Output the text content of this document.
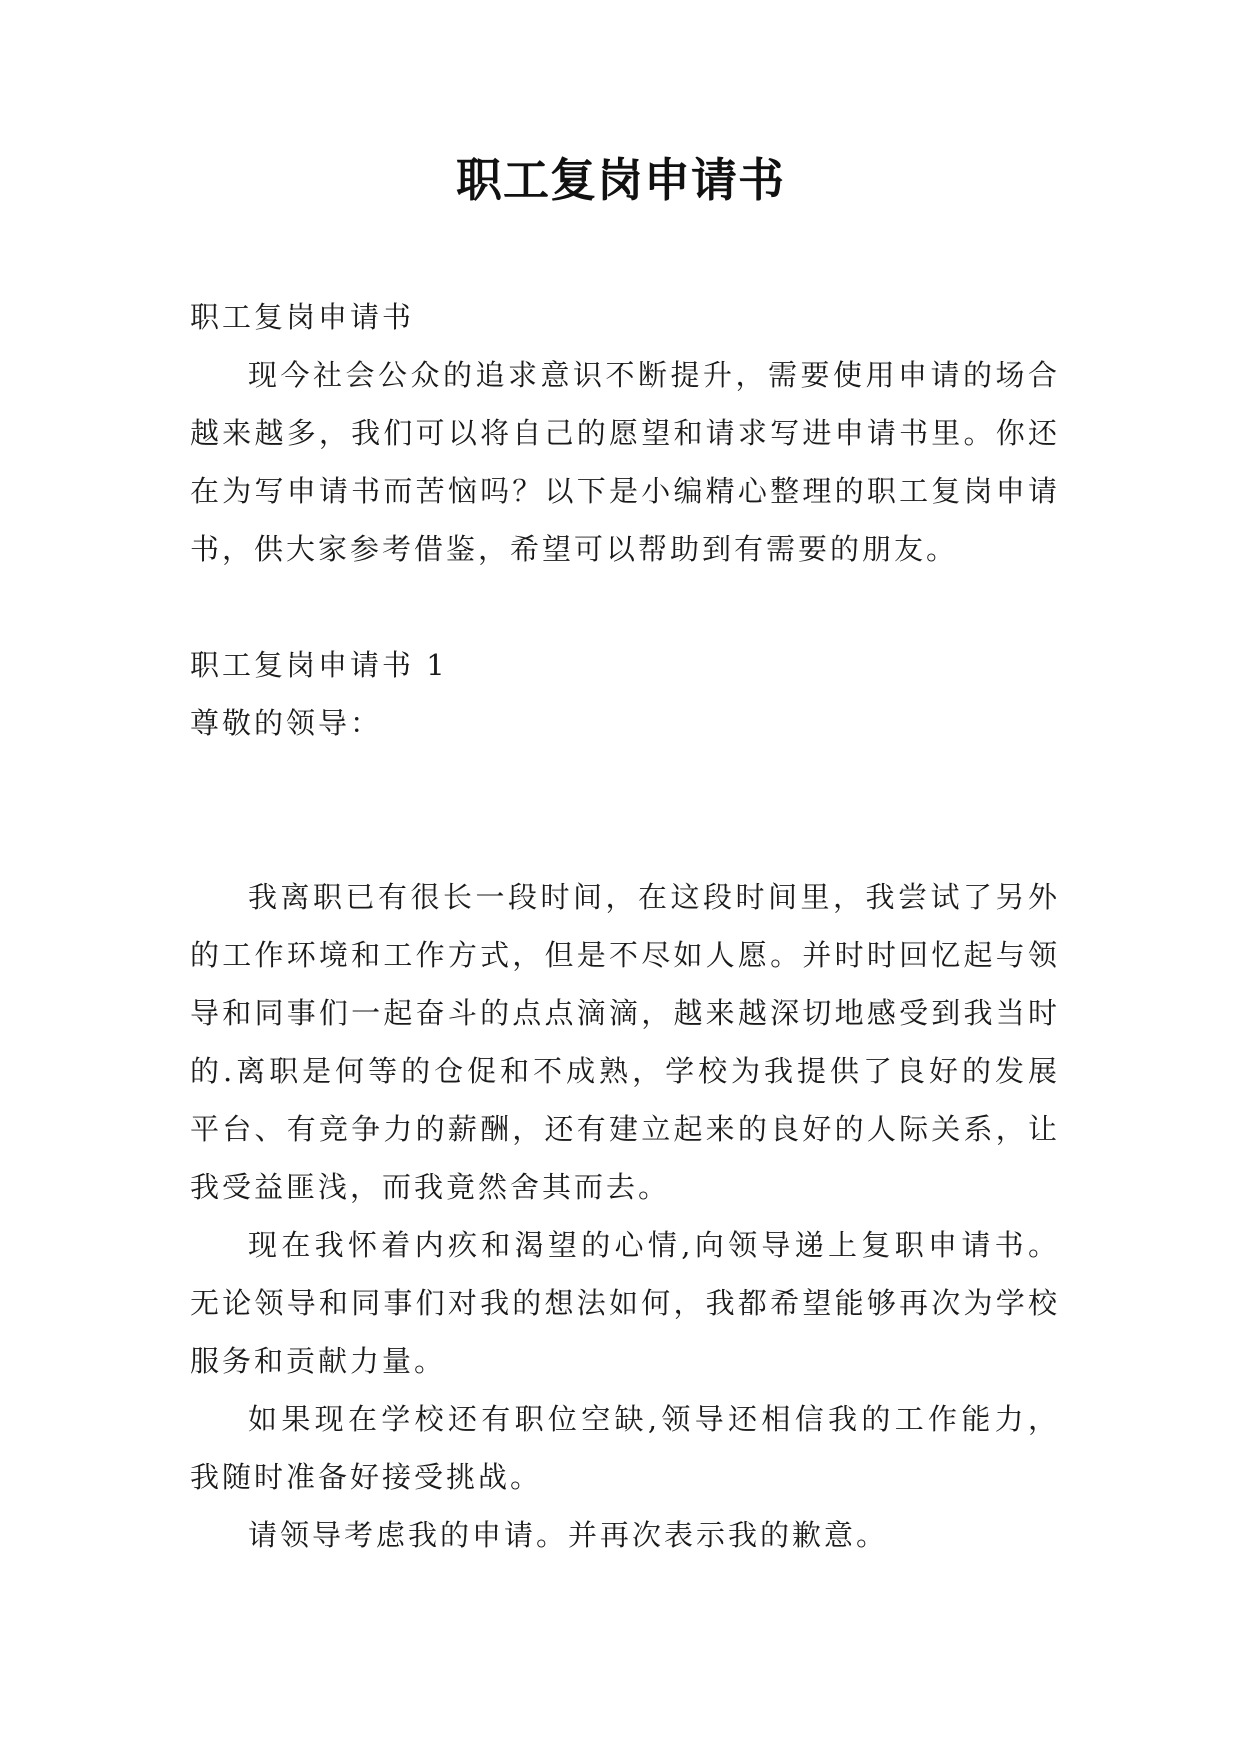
职工复岗申请书

职工复岗申请书

现今社会公众的追求意识不断提升，需要使用申请的场合越来越多，我们可以将自己的愿望和请求写进申请书里。你还在为写申请书而苦恼吗？以下是小编精心整理的职工复岗申请书，供大家参考借鉴，希望可以帮助到有需要的朋友。

职工复岗申请书 1

尊敬的领导：

我离职已有很长一段时间，在这段时间里，我尝试了另外的工作环境和工作方式，但是不尽如人愿。并时时回忆起与领导和同事们一起奋斗的点点滴滴，越来越深切地感受到我当时的.离职是何等的仓促和不成熟，学校为我提供了良好的发展平台、有竞争力的薪酬，还有建立起来的良好的人际关系，让我受益匪浅，而我竟然舍其而去。

现在我怀着内疚和渴望的心情,向领导递上复职申请书。无论领导和同事们对我的想法如何，我都希望能够再次为学校服务和贡献力量。

如果现在学校还有职位空缺,领导还相信我的工作能力，我随时准备好接受挑战。

请领导考虑我的申请。并再次表示我的歉意。
